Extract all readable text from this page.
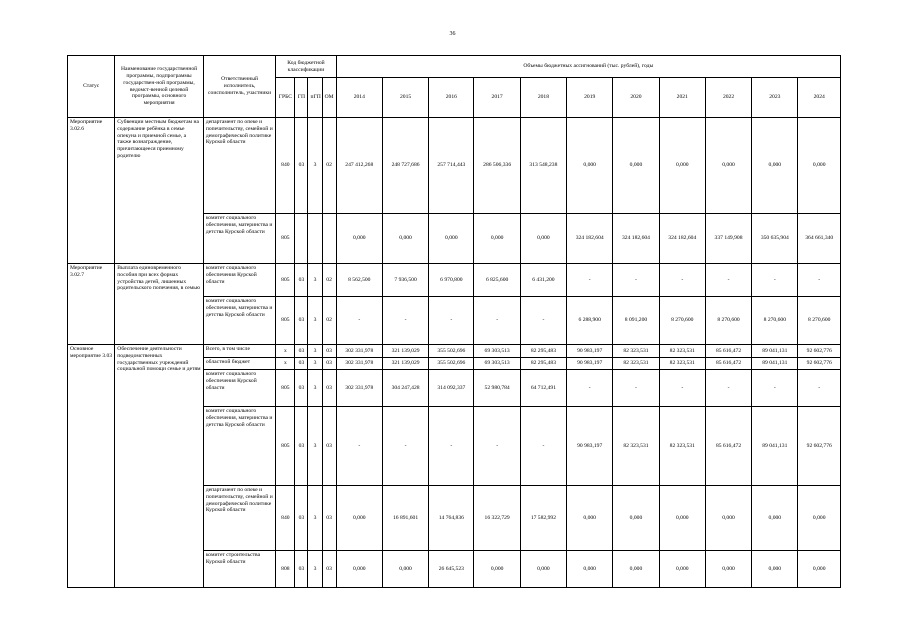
36
Статус	Наименование государственной программы, подпрограммы государствен-ной программы, ведомст-венной целевой программы, основного мероприятия	Ответственный исполнитель, соисполнитель, участники	Код бюджетной классификации				Объемы бюджетных ассигнований (тыс. рублей), годы										
			ГРБС	ГП	пГП	ОМ	2014	2015	2016	2017	2018	2019	2020	2021	2022	2023	2024
Мероприятие 3.02.6	Субвенции местным бюджетам на содержание ребёнка в семье опекуна и приемной семье, а также вознаграждение, причитающееся приемному родителю	департамент по опеке и попечительству, семейной и демографической политике Курской области	840	03	3	02	247 412,268	248 727,686	257 714,443	286 506,336	313 548,238	0,000	0,000	0,000	0,000	0,000	0,000
		комитет социального обеспечения, материнства и детства Курской области	805				0,000	0,000	0,000	0,000	0,000	324 182,604	324 182,604	324 182,604	337 149,908	350 635,904	364 661,340
Мероприятие 3.02.7	Выплата единовременного пособия при всех формах устройства детей, лишенных родительского попечения, в семью	комитет социального обеспечения Курской области	805	03	3	02	8 562,500	7 936,500	6 970,800	6 825,600	6 431,200	-	-	-	-	-	-
		комитет социального обеспечения, материнства и детства Курской области	805	03	3	02	-	-	-	-	-	6 288,900	8 091,200	8 270,600	8 270,600	8 270,600	8 270,600
Основное мероприятие 3.03	Обеспечение деятельности подведомственных государственных учреждений социальной помощи семье и детям	Всего, в том числе	х	03	3	03	302 331,978	321 139,029	355 502,696	69 303,513	82 295,483	90 983,197	82 323,531	82 323,531	85 616,472	89 041,131	92 602,776
		областной бюджет	х	03	3	03	302 331,978	321 139,029	355 502,696	69 303,513	82 295,483	90 983,197	82 323,531	82 323,531	85 616,472	89 041,131	92 602,776
		комитет социального обеспечения Курской области	805	03	3	03	302 331,978	304 247,428	314 092,337	52 980,784	64 712,491	-	-	-	-	-	-
		комитет социального обеспечения, материнства и детства Курской области	805	03	3	03	-	-	-	-	-	90 983,197	82 323,531	82 323,531	85 616,472	89 041,131	92 602,776
		департамент по опеке и попечительству, семейной и демографической политике Курской области	840	03	3	03	0,000	16 891,601	14 764,836	16 322,729	17 582,992	0,000	0,000	0,000	0,000	0,000	0,000
		комитет строительства Курской области	808	03	3	03	0,000	0,000	26 645,523	0,000	0,000	0,000	0,000	0,000	0,000	0,000	0,000
